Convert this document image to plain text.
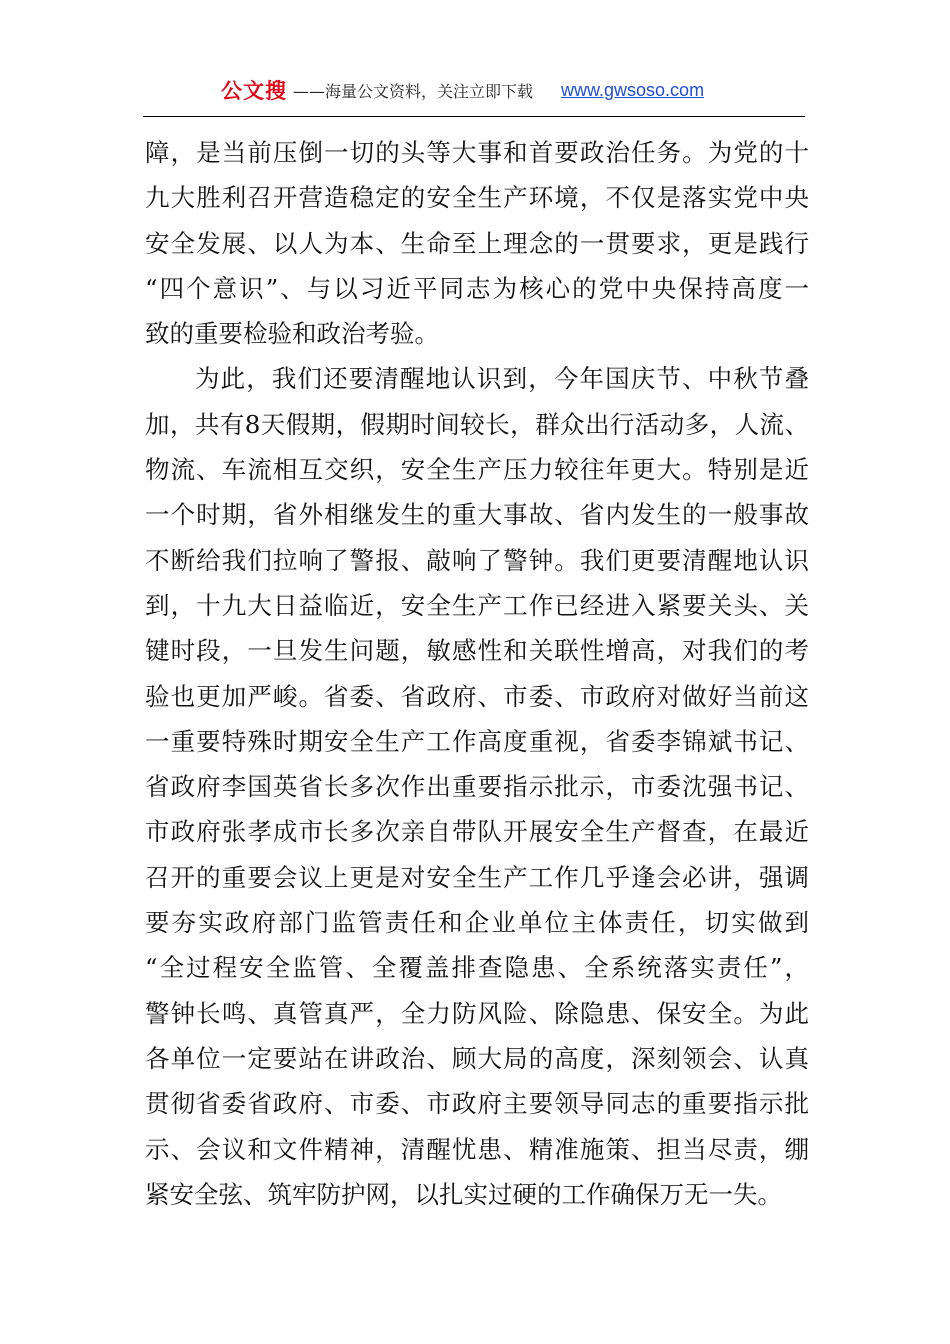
公文搜 ——海量公文资料，关注立即下载 www.gwsoso.com
障，是当前压倒一切的头等大事和首要政治任务。为党的十
九大胜利召开营造稳定的安全生产环境，不仅是落实党中央
安全发展、以人为本、生命至上理念的一贯要求，更是践行
“四个意识”、与以习近平同志为核心的党中央保持高度一
致的重要检验和政治考验。
为此，我们还要清醒地认识到，今年国庆节、中秋节叠
加，共有8天假期，假期时间较长，群众出行活动多，人流、
物流、车流相互交织，安全生产压力较往年更大。特别是近
一个时期，省外相继发生的重大事故、省内发生的一般事故
不断给我们拉响了警报、敲响了警钟。我们更要清醒地认识
到，十九大日益临近，安全生产工作已经进入紧要关头、关
键时段，一旦发生问题，敏感性和关联性增高，对我们的考
验也更加严峻。省委、省政府、市委、市政府对做好当前这
一重要特殊时期安全生产工作高度重视，省委李锦斌书记、
省政府李国英省长多次作出重要指示批示，市委沈强书记、
市政府张孝成市长多次亲自带队开展安全生产督查，在最近
召开的重要会议上更是对安全生产工作几乎逢会必讲，强调
要夯实政府部门监管责任和企业单位主体责任，切实做到
“全过程安全监管、全覆盖排查隐患、全系统落实责任”，
警钟长鸣、真管真严，全力防风险、除隐患、保安全。为此
各单位一定要站在讲政治、顾大局的高度，深刻领会、认真
贯彻省委省政府、市委、市政府主要领导同志的重要指示批
示、会议和文件精神，清醒忧患、精准施策、担当尽责，绷
紧安全弦、筑牢防护网，以扎实过硬的工作确保万无一失。
